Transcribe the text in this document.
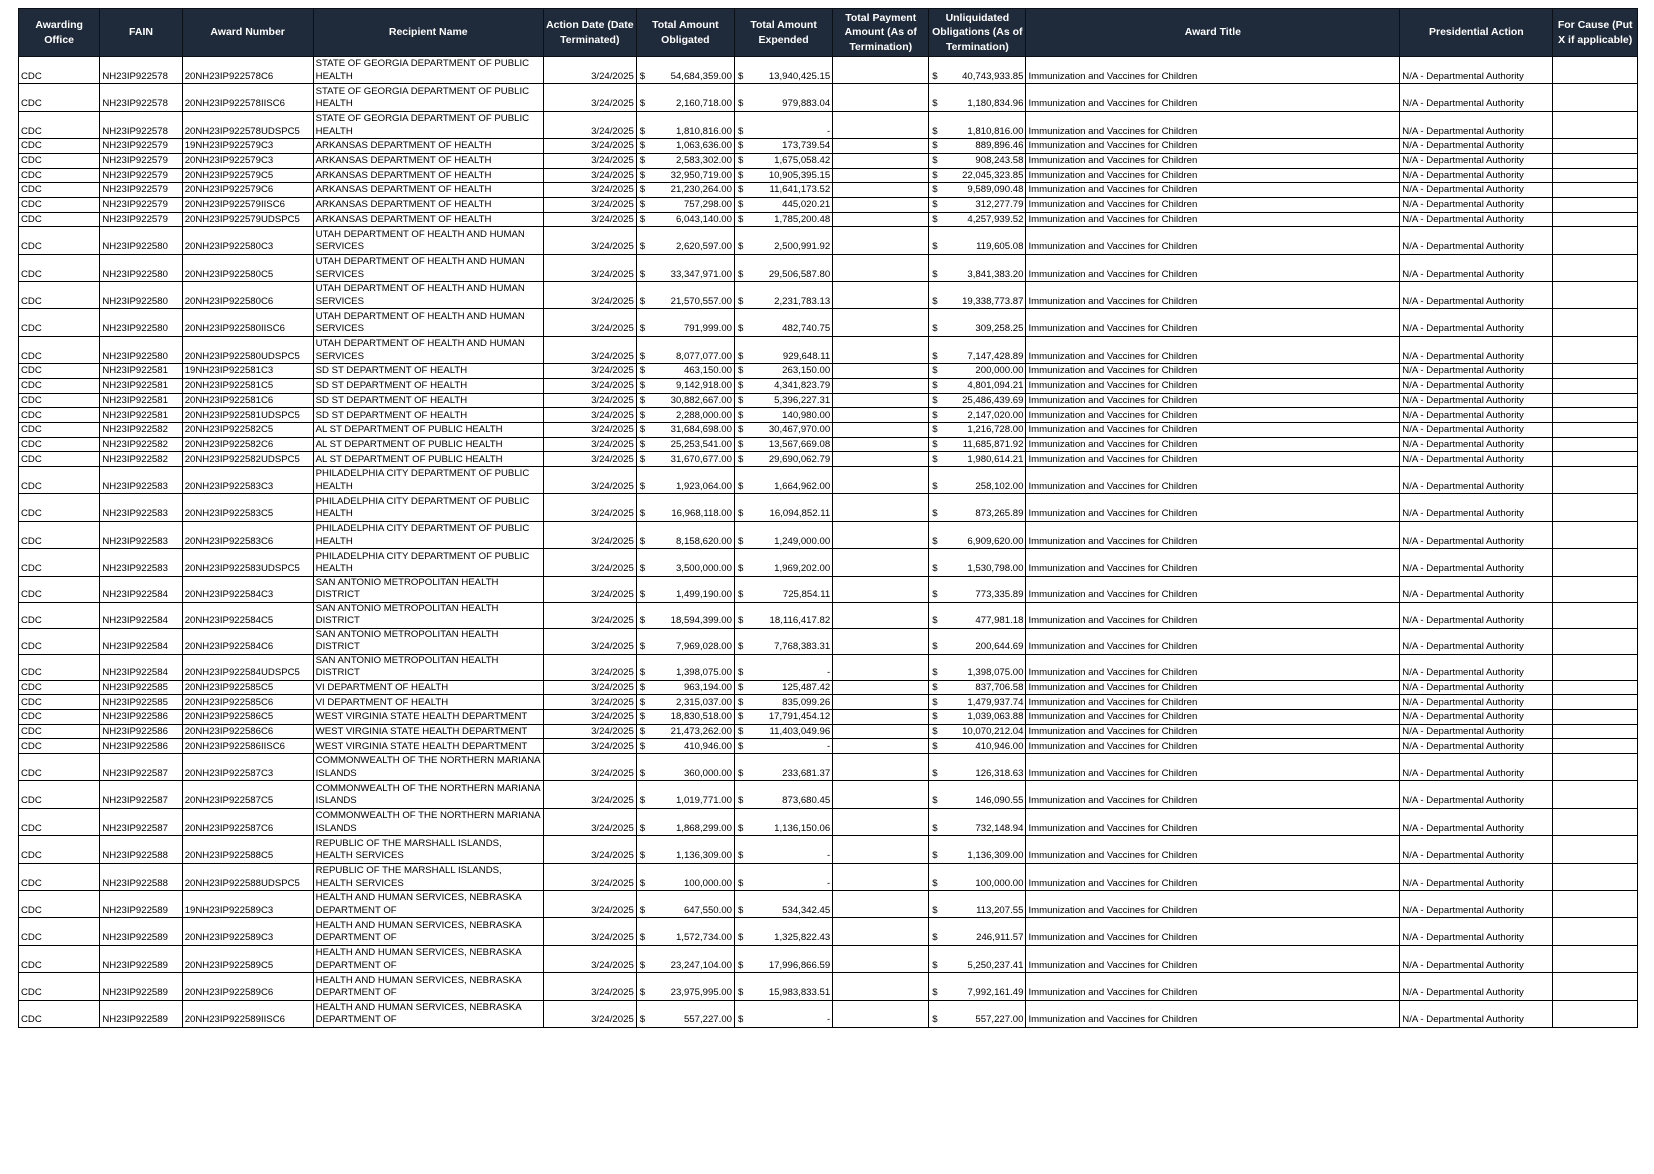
Awarding Office	FAIN	Award Number	Recipient Name	Action Date (Date Terminated)	Total Amount Obligated	Total Amount Expended	Total Payment Amount (As of Termination)	Unliquidated Obligations (As of Termination)	Award Title	Presidential Action	For Cause (Put X if applicable)
CDC	NH23IP922578	20NH23IP922578C6	STATE OF GEORGIA DEPARTMENT OF PUBLIC HEALTH	3/24/2025	$ 54,684,359.00	$ 13,940,425.15		$ 40,743,933.85	Immunization and Vaccines for Children	N/A - Departmental Authority	
CDC	NH23IP922578	20NH23IP922578IISC6	STATE OF GEORGIA DEPARTMENT OF PUBLIC HEALTH	3/24/2025	$ 2,160,718.00	$ 979,883.04		$ 1,180,834.96	Immunization and Vaccines for Children	N/A - Departmental Authority	
CDC	NH23IP922578	20NH23IP922578UDSPC5	STATE OF GEORGIA DEPARTMENT OF PUBLIC HEALTH	3/24/2025	$ 1,810,816.00	$ -		$ 1,810,816.00	Immunization and Vaccines for Children	N/A - Departmental Authority	
CDC	NH23IP922579	19NH23IP922579C3	ARKANSAS DEPARTMENT OF HEALTH	3/24/2025	$ 1,063,636.00	$ 173,739.54		$ 889,896.46	Immunization and Vaccines for Children	N/A - Departmental Authority	
CDC	NH23IP922579	20NH23IP922579C3	ARKANSAS DEPARTMENT OF HEALTH	3/24/2025	$ 2,583,302.00	$ 1,675,058.42		$ 908,243.58	Immunization and Vaccines for Children	N/A - Departmental Authority	
CDC	NH23IP922579	20NH23IP922579C5	ARKANSAS DEPARTMENT OF HEALTH	3/24/2025	$ 32,950,719.00	$ 10,905,395.15		$ 22,045,323.85	Immunization and Vaccines for Children	N/A - Departmental Authority	
CDC	NH23IP922579	20NH23IP922579C6	ARKANSAS DEPARTMENT OF HEALTH	3/24/2025	$ 21,230,264.00	$ 11,641,173.52		$ 9,589,090.48	Immunization and Vaccines for Children	N/A - Departmental Authority	
CDC	NH23IP922579	20NH23IP922579IISC6	ARKANSAS DEPARTMENT OF HEALTH	3/24/2025	$ 757,298.00	$ 445,020.21		$ 312,277.79	Immunization and Vaccines for Children	N/A - Departmental Authority	
CDC	NH23IP922579	20NH23IP922579UDSPC5	ARKANSAS DEPARTMENT OF HEALTH	3/24/2025	$ 6,043,140.00	$ 1,785,200.48		$ 4,257,939.52	Immunization and Vaccines for Children	N/A - Departmental Authority	
CDC	NH23IP922580	20NH23IP922580C3	UTAH DEPARTMENT OF HEALTH AND HUMAN SERVICES	3/24/2025	$ 2,620,597.00	$ 2,500,991.92		$ 119,605.08	Immunization and Vaccines for Children	N/A - Departmental Authority	
CDC	NH23IP922580	20NH23IP922580C5	UTAH DEPARTMENT OF HEALTH AND HUMAN SERVICES	3/24/2025	$ 33,347,971.00	$ 29,506,587.80		$ 3,841,383.20	Immunization and Vaccines for Children	N/A - Departmental Authority	
CDC	NH23IP922580	20NH23IP922580C6	UTAH DEPARTMENT OF HEALTH AND HUMAN SERVICES	3/24/2025	$ 21,570,557.00	$ 2,231,783.13		$ 19,338,773.87	Immunization and Vaccines for Children	N/A - Departmental Authority	
CDC	NH23IP922580	20NH23IP922580IISC6	UTAH DEPARTMENT OF HEALTH AND HUMAN SERVICES	3/24/2025	$ 791,999.00	$ 482,740.75		$ 309,258.25	Immunization and Vaccines for Children	N/A - Departmental Authority	
CDC	NH23IP922580	20NH23IP922580UDSPC5	UTAH DEPARTMENT OF HEALTH AND HUMAN SERVICES	3/24/2025	$ 8,077,077.00	$ 929,648.11		$ 7,147,428.89	Immunization and Vaccines for Children	N/A - Departmental Authority	
CDC	NH23IP922581	19NH23IP922581C3	SD ST DEPARTMENT OF HEALTH	3/24/2025	$ 463,150.00	$ 263,150.00		$ 200,000.00	Immunization and Vaccines for Children	N/A - Departmental Authority	
CDC	NH23IP922581	20NH23IP922581C5	SD ST DEPARTMENT OF HEALTH	3/24/2025	$ 9,142,918.00	$ 4,341,823.79		$ 4,801,094.21	Immunization and Vaccines for Children	N/A - Departmental Authority	
CDC	NH23IP922581	20NH23IP922581C6	SD ST DEPARTMENT OF HEALTH	3/24/2025	$ 30,882,667.00	$ 5,396,227.31		$ 25,486,439.69	Immunization and Vaccines for Children	N/A - Departmental Authority	
CDC	NH23IP922581	20NH23IP922581UDSPC5	SD ST DEPARTMENT OF HEALTH	3/24/2025	$ 2,288,000.00	$ 140,980.00		$ 2,147,020.00	Immunization and Vaccines for Children	N/A - Departmental Authority	
CDC	NH23IP922582	20NH23IP922582C5	AL ST DEPARTMENT OF PUBLIC HEALTH	3/24/2025	$ 31,684,698.00	$ 30,467,970.00		$ 1,216,728.00	Immunization and Vaccines for Children	N/A - Departmental Authority	
CDC	NH23IP922582	20NH23IP922582C6	AL ST DEPARTMENT OF PUBLIC HEALTH	3/24/2025	$ 25,253,541.00	$ 13,567,669.08		$ 11,685,871.92	Immunization and Vaccines for Children	N/A - Departmental Authority	
CDC	NH23IP922582	20NH23IP922582UDSPC5	AL ST DEPARTMENT OF PUBLIC HEALTH	3/24/2025	$ 31,670,677.00	$ 29,690,062.79		$ 1,980,614.21	Immunization and Vaccines for Children	N/A - Departmental Authority	
CDC	NH23IP922583	20NH23IP922583C3	PHILADELPHIA CITY DEPARTMENT OF PUBLIC HEALTH	3/24/2025	$ 1,923,064.00	$ 1,664,962.00		$ 258,102.00	Immunization and Vaccines for Children	N/A - Departmental Authority	
CDC	NH23IP922583	20NH23IP922583C5	PHILADELPHIA CITY DEPARTMENT OF PUBLIC HEALTH	3/24/2025	$ 16,968,118.00	$ 16,094,852.11		$ 873,265.89	Immunization and Vaccines for Children	N/A - Departmental Authority	
CDC	NH23IP922583	20NH23IP922583C6	PHILADELPHIA CITY DEPARTMENT OF PUBLIC HEALTH	3/24/2025	$ 8,158,620.00	$ 1,249,000.00		$ 6,909,620.00	Immunization and Vaccines for Children	N/A - Departmental Authority	
CDC	NH23IP922583	20NH23IP922583UDSPC5	PHILADELPHIA CITY DEPARTMENT OF PUBLIC HEALTH	3/24/2025	$ 3,500,000.00	$ 1,969,202.00		$ 1,530,798.00	Immunization and Vaccines for Children	N/A - Departmental Authority	
CDC	NH23IP922584	20NH23IP922584C3	SAN ANTONIO METROPOLITAN HEALTH DISTRICT	3/24/2025	$ 1,499,190.00	$ 725,854.11		$ 773,335.89	Immunization and Vaccines for Children	N/A - Departmental Authority	
CDC	NH23IP922584	20NH23IP922584C5	SAN ANTONIO METROPOLITAN HEALTH DISTRICT	3/24/2025	$ 18,594,399.00	$ 18,116,417.82		$ 477,981.18	Immunization and Vaccines for Children	N/A - Departmental Authority	
CDC	NH23IP922584	20NH23IP922584C6	SAN ANTONIO METROPOLITAN HEALTH DISTRICT	3/24/2025	$ 7,969,028.00	$ 7,768,383.31		$ 200,644.69	Immunization and Vaccines for Children	N/A - Departmental Authority	
CDC	NH23IP922584	20NH23IP922584UDSPC5	SAN ANTONIO METROPOLITAN HEALTH DISTRICT	3/24/2025	$ 1,398,075.00	$ -		$ 1,398,075.00	Immunization and Vaccines for Children	N/A - Departmental Authority	
CDC	NH23IP922585	20NH23IP922585C5	VI DEPARTMENT OF HEALTH	3/24/2025	$ 963,194.00	$ 125,487.42		$ 837,706.58	Immunization and Vaccines for Children	N/A - Departmental Authority	
CDC	NH23IP922585	20NH23IP922585C6	VI DEPARTMENT OF HEALTH	3/24/2025	$ 2,315,037.00	$ 835,099.26		$ 1,479,937.74	Immunization and Vaccines for Children	N/A - Departmental Authority	
CDC	NH23IP922586	20NH23IP922586C5	WEST VIRGINIA STATE HEALTH DEPARTMENT	3/24/2025	$ 18,830,518.00	$ 17,791,454.12		$ 1,039,063.88	Immunization and Vaccines for Children	N/A - Departmental Authority	
CDC	NH23IP922586	20NH23IP922586C6	WEST VIRGINIA STATE HEALTH DEPARTMENT	3/24/2025	$ 21,473,262.00	$ 11,403,049.96		$ 10,070,212.04	Immunization and Vaccines for Children	N/A - Departmental Authority	
CDC	NH23IP922586	20NH23IP922586IISC6	WEST VIRGINIA STATE HEALTH DEPARTMENT	3/24/2025	$ 410,946.00	$ -		$ 410,946.00	Immunization and Vaccines for Children	N/A - Departmental Authority	
CDC	NH23IP922587	20NH23IP922587C3	COMMONWEALTH OF THE NORTHERN MARIANA ISLANDS	3/24/2025	$ 360,000.00	$ 233,681.37		$ 126,318.63	Immunization and Vaccines for Children	N/A - Departmental Authority	
CDC	NH23IP922587	20NH23IP922587C5	COMMONWEALTH OF THE NORTHERN MARIANA ISLANDS	3/24/2025	$ 1,019,771.00	$ 873,680.45		$ 146,090.55	Immunization and Vaccines for Children	N/A - Departmental Authority	
CDC	NH23IP922587	20NH23IP922587C6	COMMONWEALTH OF THE NORTHERN MARIANA ISLANDS	3/24/2025	$ 1,868,299.00	$ 1,136,150.06		$ 732,148.94	Immunization and Vaccines for Children	N/A - Departmental Authority	
CDC	NH23IP922588	20NH23IP922588C5	REPUBLIC OF THE MARSHALL ISLANDS, HEALTH SERVICES	3/24/2025	$ 1,136,309.00	$ -		$ 1,136,309.00	Immunization and Vaccines for Children	N/A - Departmental Authority	
CDC	NH23IP922588	20NH23IP922588UDSPC5	REPUBLIC OF THE MARSHALL ISLANDS, HEALTH SERVICES	3/24/2025	$ 100,000.00	$ -		$ 100,000.00	Immunization and Vaccines for Children	N/A - Departmental Authority	
CDC	NH23IP922589	19NH23IP922589C3	HEALTH AND HUMAN SERVICES, NEBRASKA DEPARTMENT OF	3/24/2025	$ 647,550.00	$ 534,342.45		$ 113,207.55	Immunization and Vaccines for Children	N/A - Departmental Authority	
CDC	NH23IP922589	20NH23IP922589C3	HEALTH AND HUMAN SERVICES, NEBRASKA DEPARTMENT OF	3/24/2025	$ 1,572,734.00	$ 1,325,822.43		$ 246,911.57	Immunization and Vaccines for Children	N/A - Departmental Authority	
CDC	NH23IP922589	20NH23IP922589C5	HEALTH AND HUMAN SERVICES, NEBRASKA DEPARTMENT OF	3/24/2025	$ 23,247,104.00	$ 17,996,866.59		$ 5,250,237.41	Immunization and Vaccines for Children	N/A - Departmental Authority	
CDC	NH23IP922589	20NH23IP922589C6	HEALTH AND HUMAN SERVICES, NEBRASKA DEPARTMENT OF	3/24/2025	$ 23,975,995.00	$ 15,983,833.51		$ 7,992,161.49	Immunization and Vaccines for Children	N/A - Departmental Authority	
CDC	NH23IP922589	20NH23IP922589IISC6	HEALTH AND HUMAN SERVICES, NEBRASKA DEPARTMENT OF	3/24/2025	$ 557,227.00	$ -		$ 557,227.00	Immunization and Vaccines for Children	N/A - Departmental Authority	
